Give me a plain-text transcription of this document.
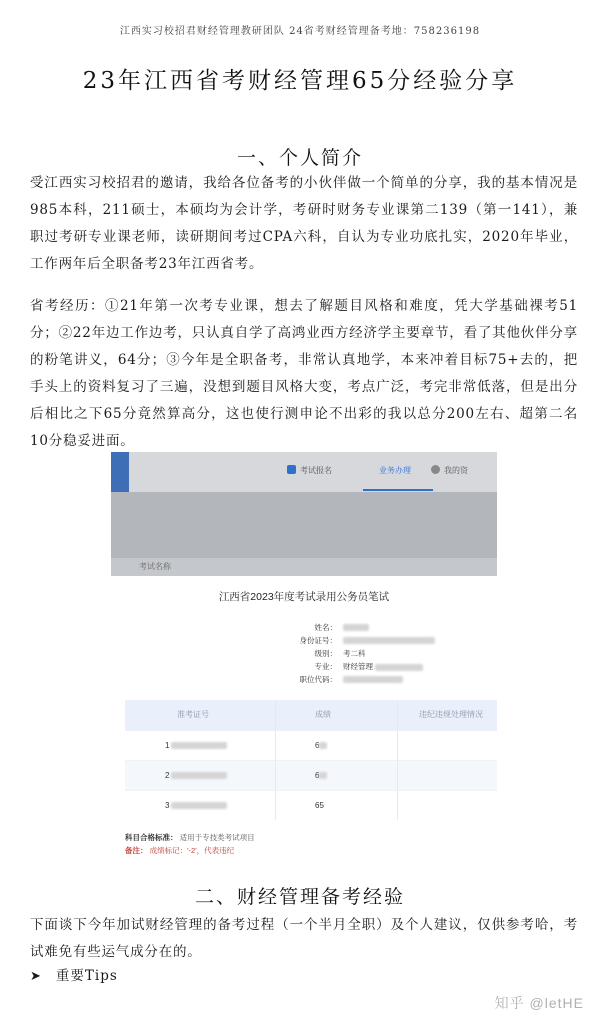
江西实习校招君财经管理教研团队 24省考财经管理备考地：758236198
23年江西省考财经管理65分经验分享
一、个人简介

受江西实习校招君的邀请，我给各位备考的小伙伴做一个简单的分享，我的基本情况是985本科，211硕士，本硕均为会计学，考研时财务专业课第二139（第一141），兼职过考研专业课老师，读研期间考过CPA六科，自认为专业功底扎实，2020年毕业，工作两年后全职备考23年江西省考。

省考经历：①21年第一次考专业课，想去了解题目风格和难度，凭大学基础裸考51分；②22年边工作边考，只认真自学了高鸿业西方经济学主要章节，看了其他伙伴分享的粉笔讲义，64分；③今年是全职备考，非常认真地学，本来冲着目标75+去的，把手头上的资料复习了三遍，没想到题目风格大变，考点广泛，考完非常低落，但是出分后相比之下65分竟然算高分，这也使行测申论不出彩的我以总分200左右、超第二名10分稳妥进面。

考试报名	业务办理	我的资
考试名称
江西省2023年度考试录用公务员笔试
姓名：
身份证号：
级别： 考二科
专业： 财经管理
职位代码：
准考证号	成绩	违纪违规处理情况
1	6
2	6
3	65
科目合格标准： 适用于专技类考试项目
备注： 成绩标记：'-2'，代表违纪
二、财经管理备考经验

下面谈下今年加试财经管理的备考过程（一个半月全职）及个人建议，仅供参考哈，考试难免有些运气成分在的。

➤ 重要Tips
知乎 @letHE
